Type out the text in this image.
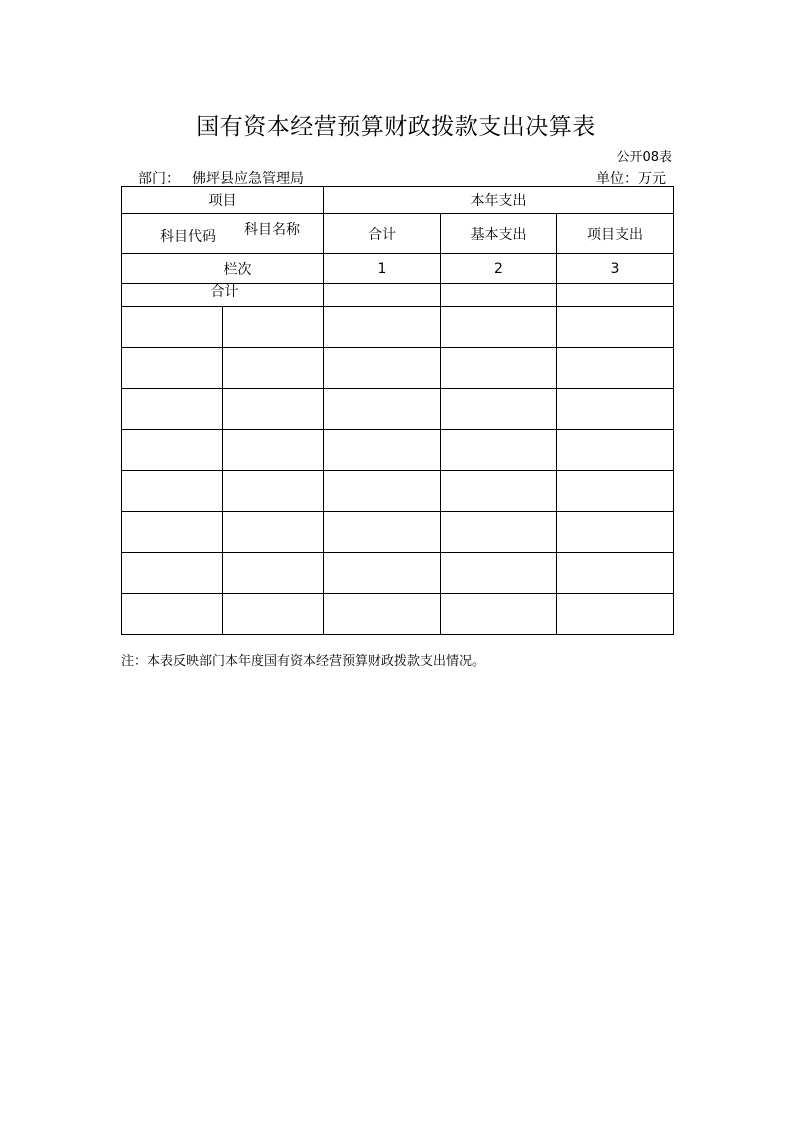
国有资本经营预算财政拨款支出决算表
公开08表
部门： 佛坪县应急管理局	单位：万元
项目		本年支出		

科目代码 科目名称		合计	基本支出	项目支出
栏次		1	2	3

合计				

注：本表反映部门本年度国有资本经营预算财政拨款支出情况。
